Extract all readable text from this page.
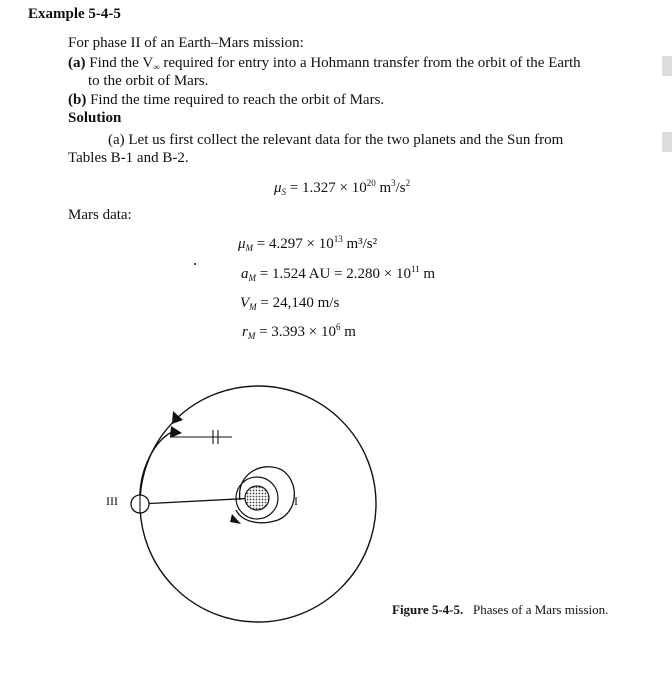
Example 5-4-5
For phase II of an Earth–Mars mission:
(a) Find the $V_\infty$ required for entry into a Hohmann transfer from the orbit of the Earth
to the orbit of Mars.
(b) Find the time required to reach the orbit of Mars.
Solution
(a) Let us first collect the relevant data for the two planets and the Sun from
Tables B-1 and B-2.
$\mu_S = 1.327 \times 10^{20}$ $m^3/s^2$
Mars data:
$\mu_M = 4.297 \times 10^{13}$ m³/s²
$a_M = 1.524$ AU = $2.280 \times 10^{11}$ m
$V_M = 24,140$ m/s
$r_M = 3.393 \times 10^6$ m
III	I
Figure 5-4-5. Phases of a Mars mission.
